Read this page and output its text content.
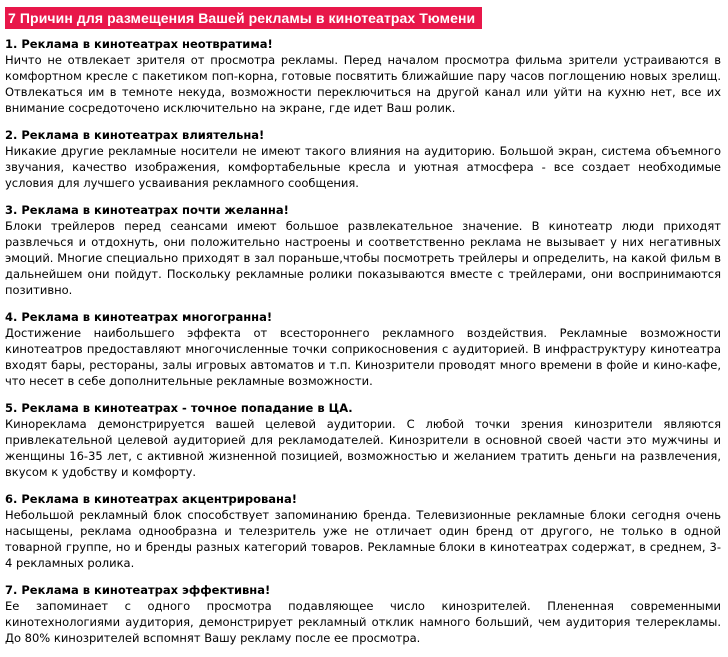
7 Причин для размещения Вашей рекламы в кинотеатрах Тюмени
1. Реклама в кинотеатрах неотвратима!
Ничто не отвлекает зрителя от просмотра рекламы. Перед началом просмотра фильма зрители устраиваются в комфортном кресле с пакетиком поп-корна, готовые посвятить ближайшие пару часов поглощению новых зрелищ. Отвлекаться им в темноте некуда, возможности переключиться на другой канал или уйти на кухню нет, все их внимание сосредоточено исключительно на экране, где идет Ваш ролик.
2. Реклама в кинотеатрах влиятельна!
Никакие другие рекламные носители не имеют такого влияния на аудиторию. Большой экран, система объемного звучания, качество изображения, комфортабельные кресла и уютная атмосфера - все создает необходимые условия для лучшего усваивания рекламного сообщения.
3. Реклама в кинотеатрах почти желанна!
Блоки трейлеров перед сеансами имеют большое развлекательное значение. В кинотеатр люди приходят развлечься и отдохнуть, они положительно настроены и соответственно реклама не вызывает у них негативных эмоций. Многие специально приходят в зал пораньше,чтобы посмотреть трейлеры и определить, на какой фильм в дальнейшем они пойдут. Поскольку рекламные ролики показываются вместе с трейлерами, они воспринимаются позитивно.
4. Реклама в кинотеатрах многогранна!
Достижение наибольшего эффекта от всестороннего рекламного воздействия. Рекламные возможности кинотеатров предоставляют многочисленные точки соприкосновения с аудиторией. В инфраструктуру кинотеатра входят бары, рестораны, залы игровых автоматов и т.п. Кинозрители проводят много времени в фойе и кино-кафе, что несет в себе дополнительные рекламные возможности.
5. Реклама в кинотеатрах - точное попадание в ЦА.
Кинореклама демонстрируется вашей целевой аудитории. С любой точки зрения кинозрители являются привлекательной целевой аудиторией для рекламодателей. Кинозрители в основной своей части это мужчины и женщины 16-35 лет, с активной жизненной позицией, возможностью и желанием тратить деньги на развлечения, вкусом к удобству и комфорту.
6. Реклама в кинотеатрах акцентрирована!
Небольшой рекламный блок способствует запоминанию бренда. Телевизионные рекламные блоки сегодня очень насыщены, реклама однообразна и телезритель уже не отличает один бренд от другого, не только в одной товарной группе, но и бренды разных категорий товаров. Рекламные блоки в кинотеатрах содержат, в среднем, 3-4 рекламных ролика.
7. Реклама в кинотеатрах эффективна!
Ее запоминает с одного просмотра подавляющее число кинозрителей. Плененная современными кинотехнологиями аудитория, демонстрирует рекламный отклик намного больший, чем аудитория телерекламы. До 80% кинозрителей вспомнят Вашу рекламу после ее просмотра.
